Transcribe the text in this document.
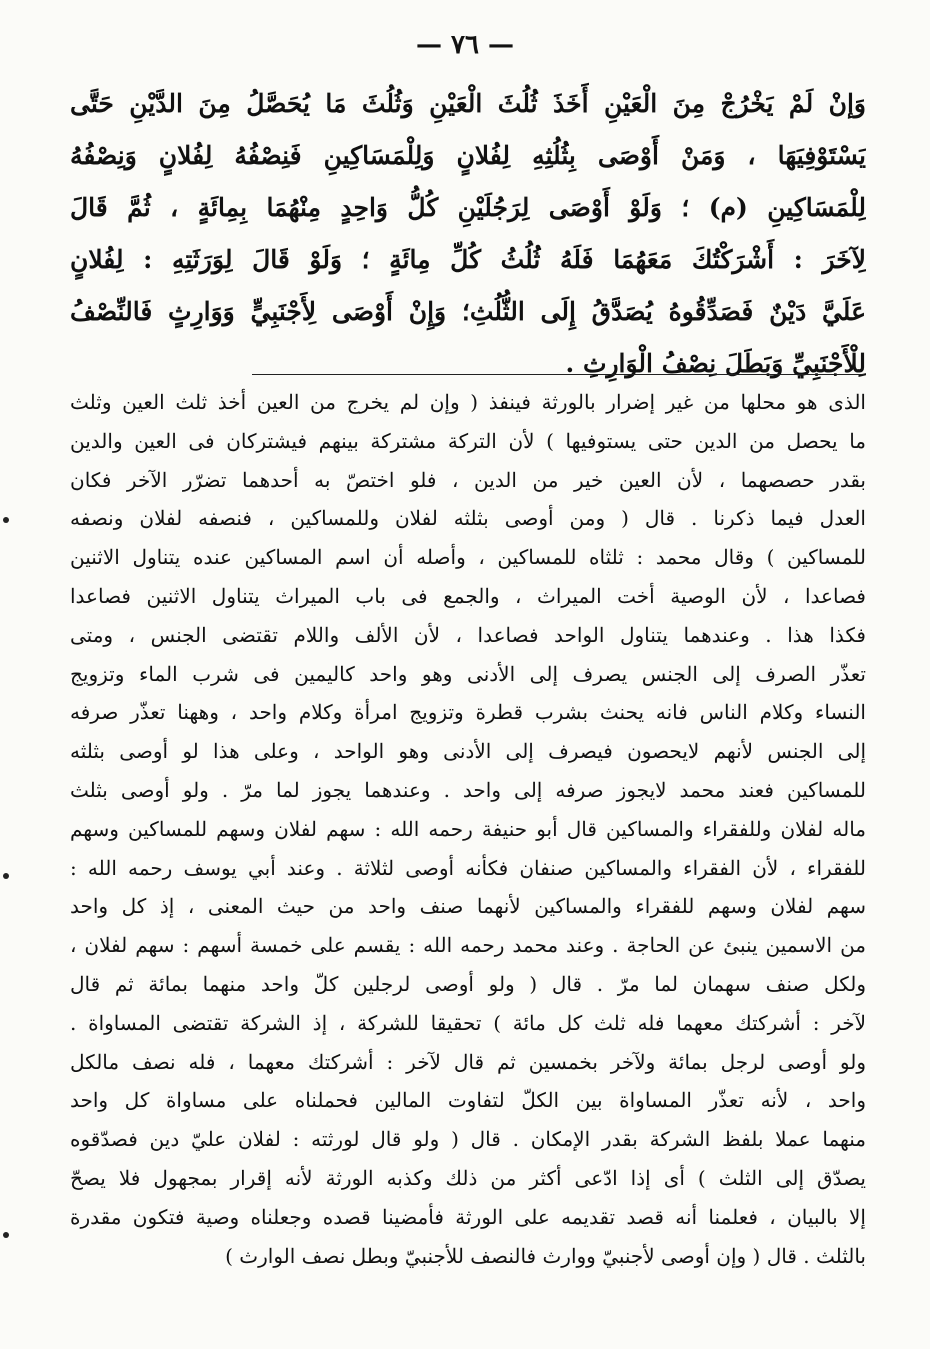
— ٧٦ —
وَإنْ لَمْ يَخْرُجْ مِنَ الْعَيْنِ أَخَذَ ثُلُثَ الْعَيْنِ وَثُلُثَ مَا يُحَصَّلُ مِنَ الدَّيْنِ حَتَّى
يَسْتَوْفِيَهَا ، وَمَنْ أَوْصَى بِثُلُثِهِ لِفُلانٍ وَلِلْمَسَاكِينِ فَنِصْفُهُ لِفُلانٍ وَنِصْفُهُ
لِلْمَسَاكِينِ (م) ؛ وَلَوْ أَوْصَى لِرَجُلَيْنِ كُلُّ وَاحِدٍ مِنْهُمَا بِمِائَةٍ ، ثُمَّ قَالَ
لِآخَرَ : أَشْرَكْتُكَ مَعَهُمَا فَلَهُ ثُلُثُ كُلِّ مِائَةٍ ؛ وَلَوْ قَالَ لِوَرَثَتِهِ : لِفُلانٍ
عَلَيَّ دَيْنٌ فَصَدِّقُوهُ يُصَدَّقُ إِلَى الثُّلُثِ؛ وَإِنْ أَوْصَى لِأَجْنَبِيٍّ وَوَارِثٍ فَالنِّصْفُ
لِلْأَجْنَبِيِّ وَبَطَلَ نِصْفُ الْوَارِثِ .
الذى هو محلها من غير إضرار بالورثة فينفذ ( وإن لم يخرج من العين أخذ ثلث العين وثلث
ما يحصل من الدين حتى يستوفيها ) لأن التركة مشتركة بينهم فيشتركان فى العين والدين
بقدر حصصهما ، لأن العين خير من الدين ، فلو اختصّ به أحدهما تضرّر الآخر فكان
العدل فيما ذكرنا . قال ( ومن أوصى بثلثه لفلان وللمساكين ، فنصفه لفلان ونصفه
للمساكين ) وقال محمد : ثلثاه للمساكين ، وأصله أن اسم المساكين عنده يتناول الاثنين
فصاعدا ، لأن الوصية أخت الميراث ، والجمع فى باب الميراث يتناول الاثنين فصاعدا
فكذا هذا . وعندهما يتناول الواحد فصاعدا ، لأن الألف واللام تقتضى الجنس ، ومتى
تعذّر الصرف إلى الجنس يصرف إلى الأدنى وهو واحد كاليمين فى شرب الماء وتزويج
النساء وكلام الناس فانه يحنث بشرب قطرة وتزويج امرأة وكلام واحد ، وههنا تعذّر صرفه
إلى الجنس لأنهم لايحصون فيصرف إلى الأدنى وهو الواحد ، وعلى هذا لو أوصى بثلثه
للمساكين فعند محمد لايجوز صرفه إلى واحد . وعندهما يجوز لما مرّ . ولو أوصى بثلث
ماله لفلان وللفقراء والمساكين قال أبو حنيفة رحمه الله : سهم لفلان وسهم للمساكين وسهم
للفقراء ، لأن الفقراء والمساكين صنفان فكأنه أوصى لثلاثة . وعند أبي يوسف رحمه الله :
سهم لفلان وسهم للفقراء والمساكين لأنهما صنف واحد من حيث المعنى ، إذ كل واحد
من الاسمين ينبئ عن الحاجة . وعند محمد رحمه الله : يقسم على خمسة أسهم : سهم لفلان ،
ولكل صنف سهمان لما مرّ . قال ( ولو أوصى لرجلين كلّ واحد منهما بمائة ثم قال
لآخر : أشركتك معهما فله ثلث كل مائة ) تحقيقا للشركة ، إذ الشركة تقتضى المساواة .
ولو أوصى لرجل بمائة ولآخر بخمسين ثم قال لآخر : أشركتك معهما ، فله نصف مالكل
واحد ، لأنه تعذّر المساواة بين الكلّ لتفاوت المالين فحملناه على مساواة كل واحد
منهما عملا بلفظ الشركة بقدر الإمكان . قال ( ولو قال لورثته : لفلان عليّ دين فصدّقوه
يصدّق إلى الثلث ) أى إذا ادّعى أكثر من ذلك وكذبه الورثة لأنه إقرار بمجهول فلا يصحّ
إلا بالبيان ، فعلمنا أنه قصد تقديمه على الورثة فأمضينا قصده وجعلناه وصية فتكون مقدرة
بالثلث . قال ( وإن أوصى لأجنبيّ ووارث فالنصف للأجنبيّ وبطل نصف الوارث )
